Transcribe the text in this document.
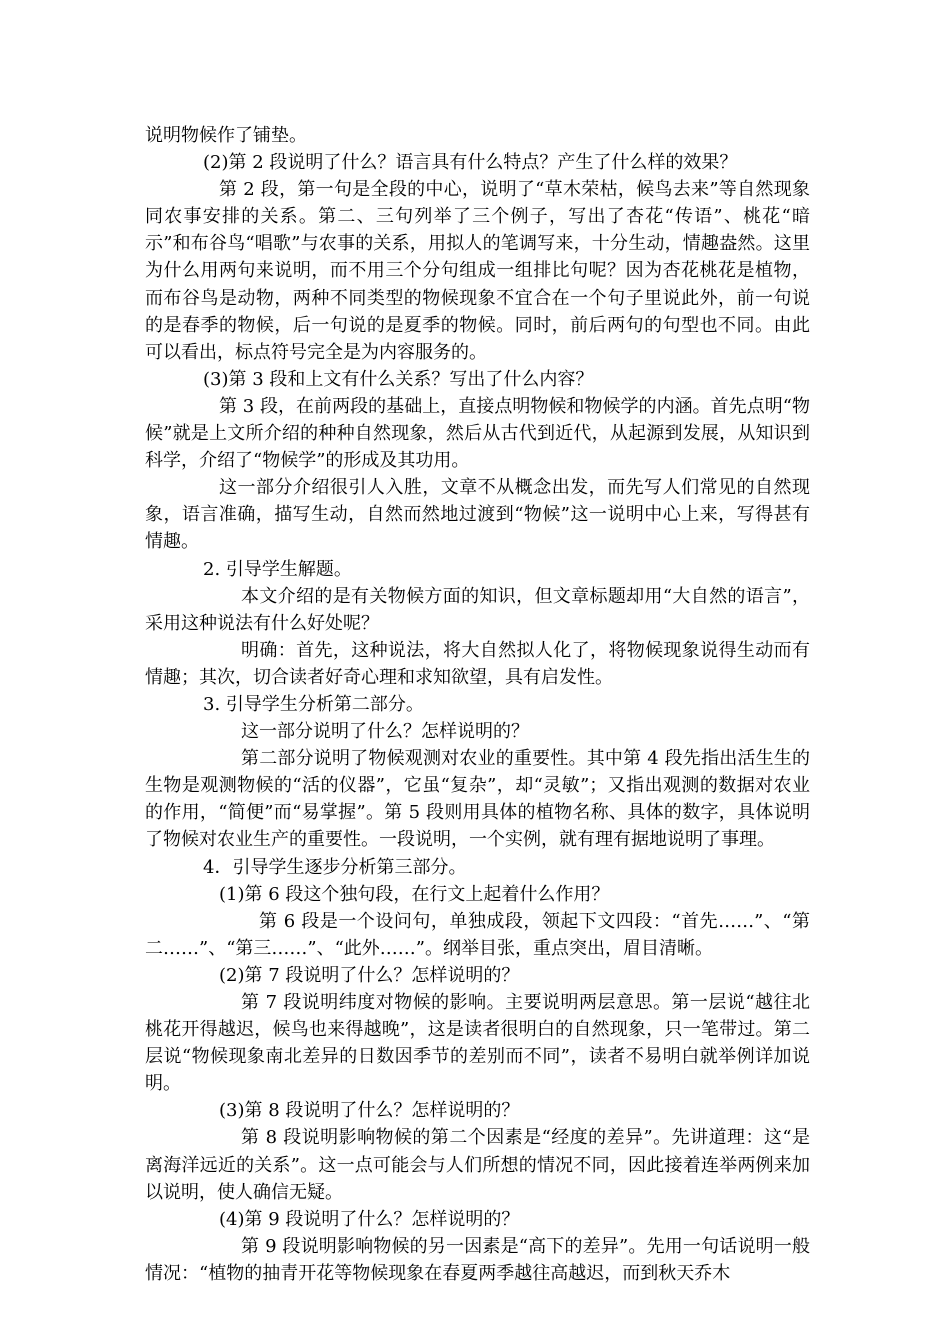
说明物候作了铺垫。

(2)第 2 段说明了什么？语言具有什么特点？产生了什么样的效果？

第 2 段，第一句是全段的中心，说明了“草木荣枯，候鸟去来”等自然现象同农事安排的关系。第二、三句列举了三个例子，写出了杏花“传语”、桃花“暗示”和布谷鸟“唱歌”与农事的关系，用拟人的笔调写来，十分生动，情趣盎然。这里为什么用两句来说明，而不用三个分句组成一组排比句呢？因为杏花桃花是植物，而布谷鸟是动物，两种不同类型的物候现象不宜合在一个句子里说此外，前一句说的是春季的物候，后一句说的是夏季的物候。同时，前后两句的句型也不同。由此可以看出，标点符号完全是为内容服务的。

(3)第 3 段和上文有什么关系？写出了什么内容？

第 3 段，在前两段的基础上，直接点明物候和物候学的内涵。首先点明“物候”就是上文所介绍的种种自然现象，然后从古代到近代，从起源到发展，从知识到科学，介绍了“物候学”的形成及其功用。

这一部分介绍很引人入胜，文章不从概念出发，而先写人们常见的自然现象，语言准确，描写生动，自然而然地过渡到“物候”这一说明中心上来，写得甚有情趣。

2. 引导学生解题。

本文介绍的是有关物候方面的知识，但文章标题却用“大自然的语言”，采用这种说法有什么好处呢？

明确：首先，这种说法，将大自然拟人化了，将物候现象说得生动而有情趣；其次，切合读者好奇心理和求知欲望，具有启发性。

3. 引导学生分析第二部分。

这一部分说明了什么？怎样说明的？

第二部分说明了物候观测对农业的重要性。其中第 4 段先指出活生生的生物是观测物候的“活的仪器”，它虽“复杂”，却“灵敏”；又指出观测的数据对农业的作用，“简便”而“易掌握”。第 5 段则用具体的植物名称、具体的数字，具体说明了物候对农业生产的重要性。一段说明，一个实例，就有理有据地说明了事理。

4．引导学生逐步分析第三部分。

(1)第 6 段这个独句段，在行文上起着什么作用？

第 6 段是一个设问句，单独成段，领起下文四段：“首先……”、“第二……”、“第三……”、“此外……”。纲举目张，重点突出，眉目清晰。

(2)第 7 段说明了什么？怎样说明的？

第 7 段说明纬度对物候的影响。主要说明两层意思。第一层说“越往北桃花开得越迟，候鸟也来得越晚”，这是读者很明白的自然现象，只一笔带过。第二层说“物候现象南北差异的日数因季节的差别而不同”，读者不易明白就举例详加说明。

(3)第 8 段说明了什么？怎样说明的？

第 8 段说明影响物候的第二个因素是“经度的差异”。先讲道理：这“是离海洋远近的关系”。这一点可能会与人们所想的情况不同，因此接着连举两例来加以说明，使人确信无疑。

(4)第 9 段说明了什么？怎样说明的？

第 9 段说明影响物候的另一因素是“高下的差异”。先用一句话说明一般情况：“植物的抽青开花等物候现象在春夏两季越往高越迟，而到秋天乔木
